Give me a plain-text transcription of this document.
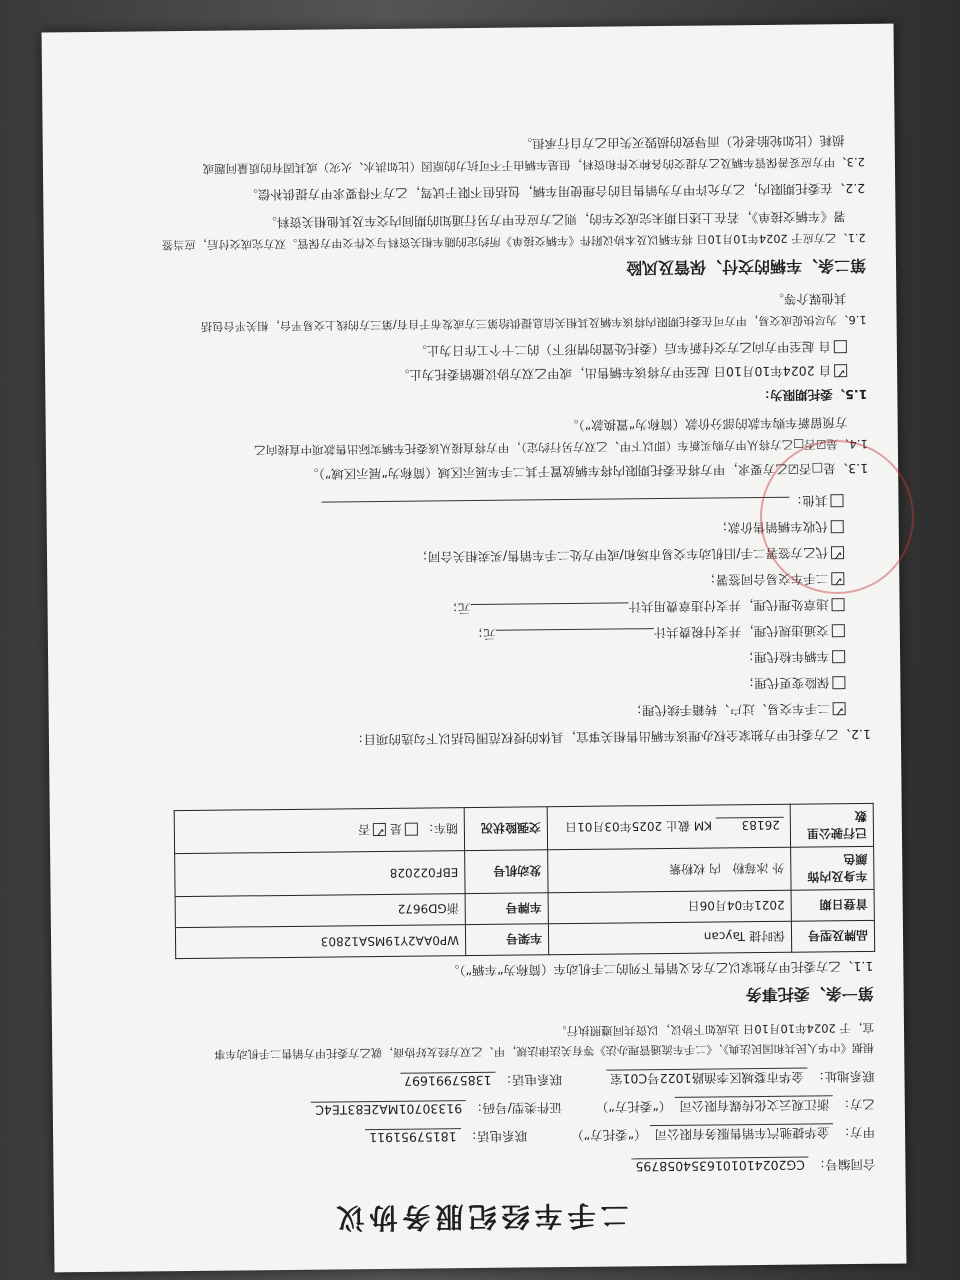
二手车经纪服务协议
合同编号： CG2024101016354058795
甲方： 金华捷驰汽车销售服务有限公司 （“委托方”） 联系电话： 18157951911
乙方： 浙江观云文化传媒有限公司 （“委托方”） 证件类型/号码： 91330701MA2E83TE4C
联系地址： 金华市婺城区李渔路1022号C01室 联系电话： 13857991697
根据《中华人民共和国民法典》、《二手车流通管理办法》等有关法律法规，甲、乙双方经友好协商，就乙方委托甲方销售二手机动车事
宜，于 2024年10月10日 达成如下协议，以资共同遵照执行。
第一条、委托事务
1.1、乙方委托甲方独家以乙方名义销售下列的二手机动车（简称为“车辆”）。
品牌及型号	保时捷 Taycan	车架号	WP0AA2Y19MSA12803
首登日期	2021年04月06日	车牌号	浙GD9672
车身及内饰颜色	外 冰莓粉   内 枚粉紫	发动机号	EBF022028
已行驶公里数	26183 KM 截止 2025年03月01日	交强险状况	随车： 是 ✓否
1.2、乙方委托甲方独家全权办理该车辆出售相关事宜，具体的授权范围包括以下勾选的项目：
✓二手车交易、过户、转籍手续代理；
保险变更代理；
车辆年检代理；
交通违规代理，并支付税费共计元；
违章处理代理，并支付违章费用共计元；
✓二手车交易合同签署；
✓代乙方签署二手/旧机动车交易市场和/或甲方处二手车销售/买卖相关合同；
代收车辆销售价款；
其他：
1.3、是□否☑乙方要求，甲方将在委托期限内将车辆放置于其二手车展示区域（简称为“展示区域”）。
1.4、是☑否□乙方将从甲方购买新车（即以下甲、乙双方另行约定），甲方将直接从该委托车辆实际出售款项中直接向乙
方预留新车购车款的部分价款（简称为“置换款”）。
1.5、委托期限为：
✓自 2024年10月10日 起至甲方将该车辆售出，或甲乙双方协议撤销委托为止。
自 起至甲方向乙方交付新车后（委托处置的情形下）的二十个工作日为止。
1.6、为尽快促成交易，甲方可在委托期限内将该车辆及其相关信息提供给第三方或发布于自有/第三方的线上交易平台，相关平台包括
其他媒介等。
第二条、车辆的交付、保管及风险
2.1、乙方应于 2024年10月10日 将车辆以及本协议附件《车辆交接单》所约定的随车相关资料与文件交甲方保管。双方完成交付后，应当签
署《车辆交接单》，若在上述日期未完成交车的，则乙方应在甲方另行通知的期间内交车及其他相关资料。
2.2、在委托期限内，乙方允许甲方为销售目的合理使用车辆，包括但不限于试驾，乙方不得要求甲方提供补偿。
2.3、甲方应妥善保管车辆及乙方提交的各种文件和资料，但是车辆由于不可抗力的原因（比如洪水、火灾）或其固有的质量问题或
损耗（比如轮胎老化）而导致的损毁灭失由乙方自行承担。
